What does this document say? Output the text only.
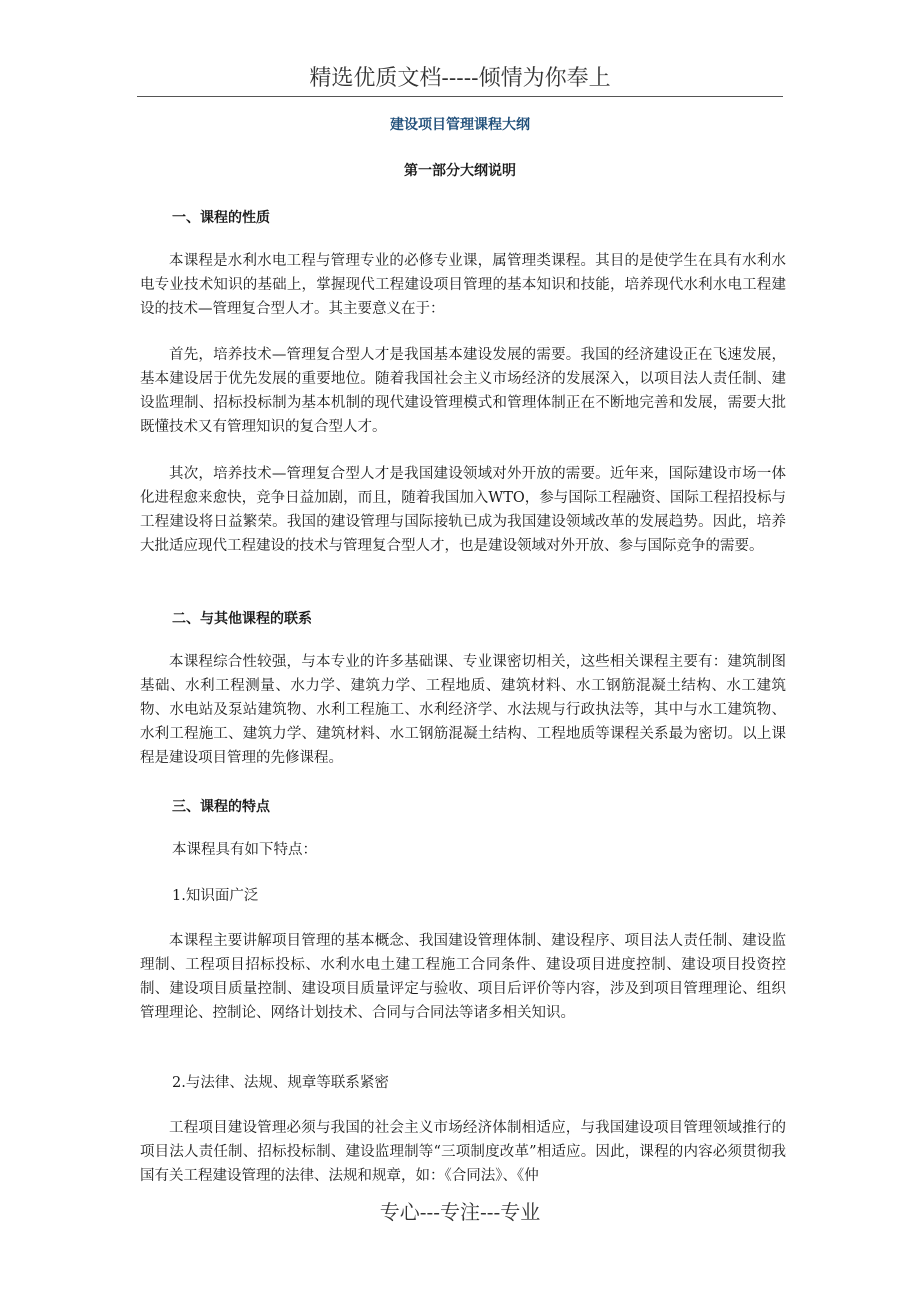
精选优质文档-----倾情为你奉上
建设项目管理课程大纲
第一部分大纲说明
一、课程的性质
本课程是水利水电工程与管理专业的必修专业课，属管理类课程。其目的是使学生在具有水利水电专业技术知识的基础上，掌握现代工程建设项目管理的基本知识和技能，培养现代水利水电工程建设的技术—管理复合型人才。其主要意义在于：
首先，培养技术—管理复合型人才是我国基本建设发展的需要。我国的经济建设正在飞速发展，基本建设居于优先发展的重要地位。随着我国社会主义市场经济的发展深入，以项目法人责任制、建设监理制、招标投标制为基本机制的现代建设管理模式和管理体制正在不断地完善和发展，需要大批既懂技术又有管理知识的复合型人才。
其次，培养技术—管理复合型人才是我国建设领域对外开放的需要。近年来，国际建设市场一体化进程愈来愈快，竞争日益加剧，而且，随着我国加入WTO，参与国际工程融资、国际工程招投标与工程建设将日益繁荣。我国的建设管理与国际接轨已成为我国建设领域改革的发展趋势。因此，培养大批适应现代工程建设的技术与管理复合型人才，也是建设领域对外开放、参与国际竞争的需要。
二、与其他课程的联系
本课程综合性较强，与本专业的许多基础课、专业课密切相关，这些相关课程主要有：建筑制图基础、水利工程测量、水力学、建筑力学、工程地质、建筑材料、水工钢筋混凝土结构、水工建筑物、水电站及泵站建筑物、水利工程施工、水利经济学、水法规与行政执法等，其中与水工建筑物、水利工程施工、建筑力学、建筑材料、水工钢筋混凝土结构、工程地质等课程关系最为密切。以上课程是建设项目管理的先修课程。
三、课程的特点
本课程具有如下特点：
1.知识面广泛
本课程主要讲解项目管理的基本概念、我国建设管理体制、建设程序、项目法人责任制、建设监理制、工程项目招标投标、水利水电土建工程施工合同条件、建设项目进度控制、建设项目投资控制、建设项目质量控制、建设项目质量评定与验收、项目后评价等内容，涉及到项目管理理论、组织管理理论、控制论、网络计划技术、合同与合同法等诸多相关知识。
2.与法律、法规、规章等联系紧密
工程项目建设管理必须与我国的社会主义市场经济体制相适应，与我国建设项目管理领域推行的项目法人责任制、招标投标制、建设监理制等“三项制度改革”相适应。因此，课程的内容必须贯彻我国有关工程建设管理的法律、法规和规章，如：《合同法》、《仲
专心---专注---专业
